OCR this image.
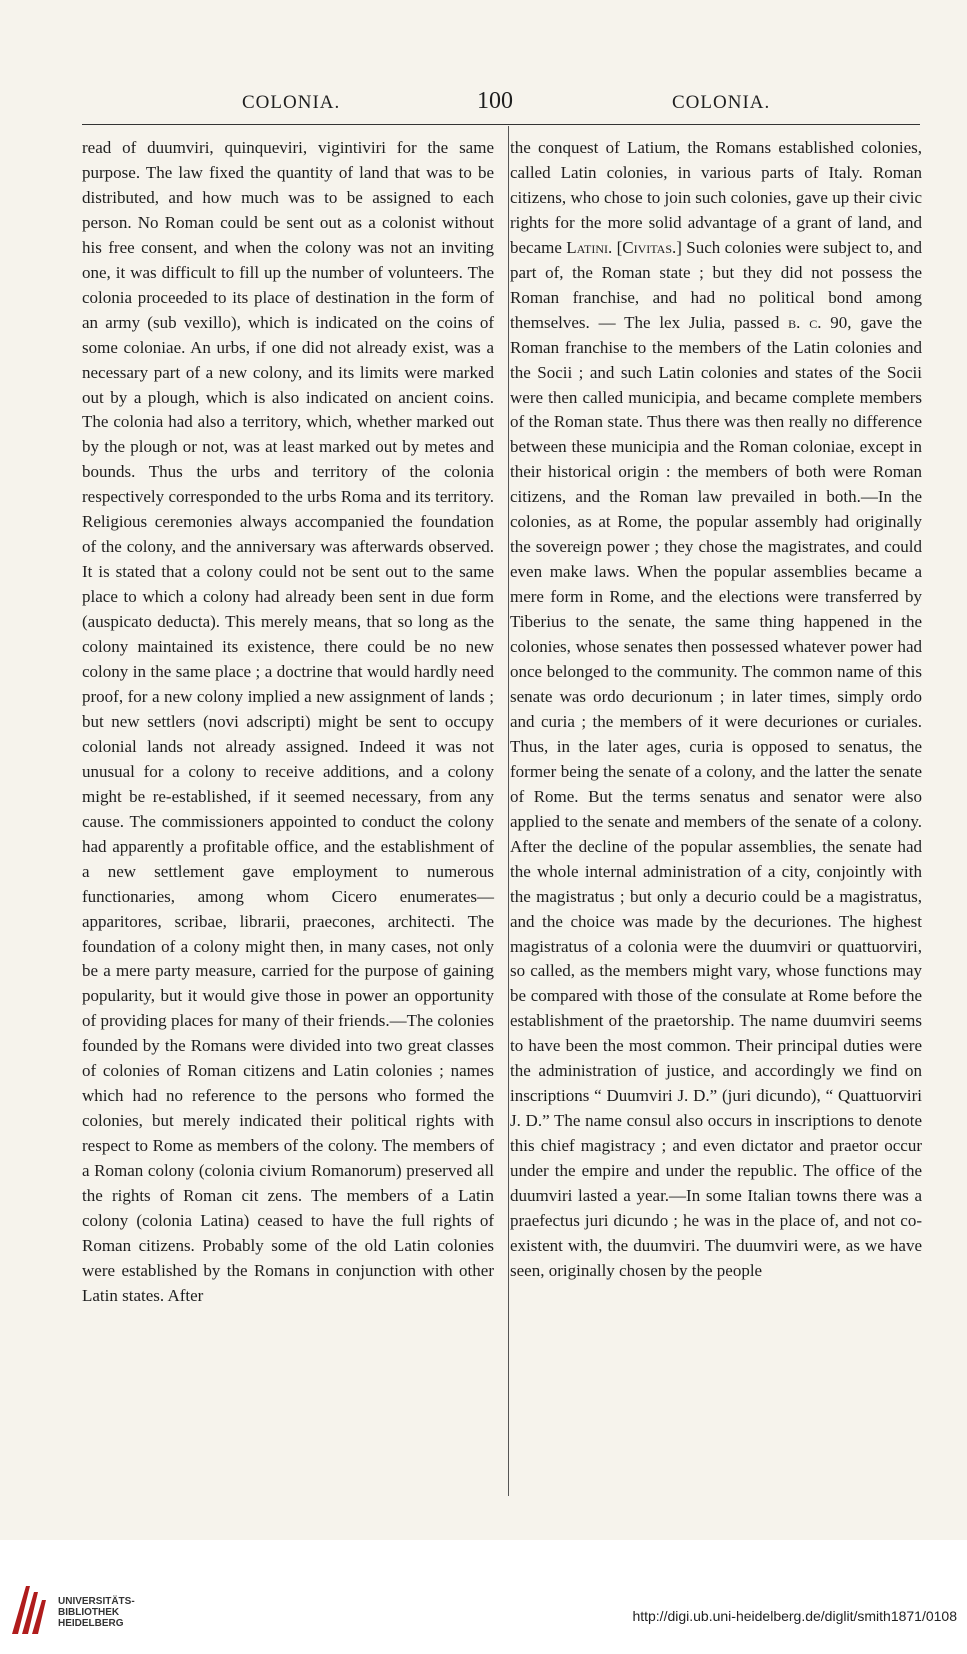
COLONIA.	100	COLONIA.

read of duumviri, quinqueviri, vigintiviri for the same purpose. The law fixed the quantity of land that was to be distributed, and how much was to be assigned to each person. No Roman could be sent out as a colonist without his free consent, and when the colony was not an inviting one, it was difficult to fill up the number of volunteers. The colonia proceeded to its place of destination in the form of an army (sub vexillo), which is indicated on the coins of some coloniae. An urbs, if one did not already exist, was a necessary part of a new colony, and its limits were marked out by a plough, which is also indicated on ancient coins. The colonia had also a territory, which, whether marked out by the plough or not, was at least marked out by metes and bounds. Thus the urbs and territory of the colonia respectively corresponded to the urbs Roma and its territory. Religious ceremonies always accompanied the foundation of the colony, and the anniversary was afterwards observed. It is stated that a colony could not be sent out to the same place to which a colony had already been sent in due form (auspicato deducta). This merely means, that so long as the colony maintained its existence, there could be no new colony in the same place ; a doctrine that would hardly need proof, for a new colony implied a new assignment of lands ; but new settlers (novi adscripti) might be sent to occupy colonial lands not already assigned. Indeed it was not unusual for a colony to receive additions, and a colony might be re-established, if it seemed necessary, from any cause. The commissioners appointed to conduct the colony had apparently a profitable office, and the establishment of a new settlement gave employment to numerous functionaries, among whom Cicero enumerates—apparitores, scribae, librarii, praecones, architecti. The foundation of a colony might then, in many cases, not only be a mere party measure, carried for the purpose of gaining popularity, but it would give those in power an opportunity of providing places for many of their friends.—The colonies founded by the Romans were divided into two great classes of colonies of Roman citizens and Latin colonies ; names which had no reference to the persons who formed the colonies, but merely indicated their political rights with respect to Rome as members of the colony. The members of a Roman colony (colonia civium Romanorum) preserved all the rights of Roman cit zens. The members of a Latin colony (colonia Latina) ceased to have the full rights of Roman citizens. Probably some of the old Latin colonies were established by the Romans in conjunction with other Latin states. After

the conquest of Latium, the Romans established colonies, called Latin colonies, in various parts of Italy. Roman citizens, who chose to join such colonies, gave up their civic rights for the more solid advantage of a grant of land, and became Latini. [Civitas.] Such colonies were subject to, and part of, the Roman state ; but they did not possess the Roman franchise, and had no political bond among themselves. — The lex Julia, passed b. c. 90, gave the Roman franchise to the members of the Latin colonies and the Socii ; and such Latin colonies and states of the Socii were then called municipia, and became complete members of the Roman state. Thus there was then really no difference between these municipia and the Roman coloniae, except in their historical origin : the members of both were Roman citizens, and the Roman law prevailed in both.—In the colonies, as at Rome, the popular assembly had originally the sovereign power ; they chose the magistrates, and could even make laws. When the popular assemblies became a mere form in Rome, and the elections were transferred by Tiberius to the senate, the same thing happened in the colonies, whose senates then possessed whatever power had once belonged to the community. The common name of this senate was ordo decurionum ; in later times, simply ordo and curia ; the members of it were decuriones or curiales. Thus, in the later ages, curia is opposed to senatus, the former being the senate of a colony, and the latter the senate of Rome. But the terms senatus and senator were also applied to the senate and members of the senate of a colony. After the decline of the popular assemblies, the senate had the whole internal administration of a city, conjointly with the magistratus ; but only a decurio could be a magistratus, and the choice was made by the decuriones. The highest magistratus of a colonia were the duumviri or quattuorviri, so called, as the members might vary, whose functions may be compared with those of the consulate at Rome before the establishment of the praetorship. The name duumviri seems to have been the most common. Their principal duties were the administration of justice, and accordingly we find on inscriptions “ Duumviri J. D.” (juri dicundo), “ Quattuorviri J. D.” The name consul also occurs in inscriptions to denote this chief magistracy ; and even dictator and praetor occur under the empire and under the republic. The office of the duumviri lasted a year.—In some Italian towns there was a praefectus juri dicundo ; he was in the place of, and not co-existent with, the duumviri. The duumviri were, as we have seen, originally chosen by the people

UNIVERSITÄTS-
BIBLIOTHEK
HEIDELBERG	http://digi.ub.uni-heidelberg.de/diglit/smith1871/0108
